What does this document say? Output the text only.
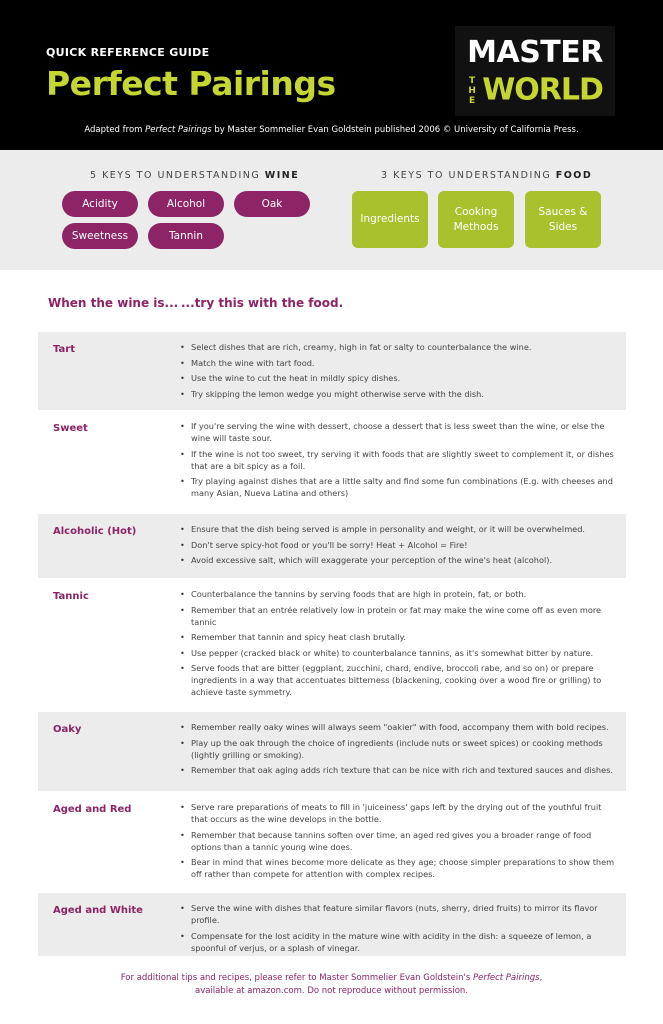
QUICK REFERENCE GUIDE
Perfect Pairings
MASTER
THE WORLD
Adapted from Perfect Pairings by Master Sommelier Evan Goldstein published 2006 © University of California Press.
5 KEYS TO UNDERSTANDING WINE	3 KEYS TO UNDERSTANDING FOOD
Acidity	Alcohol	Oak
Sweetness	Tannin
Ingredients
Cooking Methods
Sauces & Sides
When the wine is... ...try this with the food.
Tart	• Select dishes that are rich, creamy, high in fat or salty to counterbalance the wine.
• Match the wine with tart food.
• Use the wine to cut the heat in mildly spicy dishes.
• Try skipping the lemon wedge you might otherwise serve with the dish.
Sweet	• If you're serving the wine with dessert, choose a dessert that is less sweet than the wine, or else the wine will taste sour.
• If the wine is not too sweet, try serving it with foods that are slightly sweet to complement it, or dishes that are a bit spicy as a foil.
• Try playing against dishes that are a little salty and find some fun combinations (E.g. with cheeses and many Asian, Nueva Latina and others)
Alcoholic (Hot)	• Ensure that the dish being served is ample in personality and weight, or it will be overwhelmed.
• Don't serve spicy-hot food or you'll be sorry! Heat + Alcohol = Fire!
• Avoid excessive salt, which will exaggerate your perception of the wine's heat (alcohol).
Tannic	• Counterbalance the tannins by serving foods that are high in protein, fat, or both.
• Remember that an entrée relatively low in protein or fat may make the wine come off as even more tannic
• Remember that tannin and spicy heat clash brutally.
• Use pepper (cracked black or white) to counterbalance tannins, as it's somewhat bitter by nature.
• Serve foods that are bitter (eggplant, zucchini, chard, endive, broccoli rabe, and so on) or prepare ingredients in a way that accentuates bitterness (blackening, cooking over a wood fire or grilling) to achieve taste symmetry.
Oaky	• Remember really oaky wines will always seem "oakier" with food, accompany them with bold recipes.
• Play up the oak through the choice of ingredients (include nuts or sweet spices) or cooking methods (lightly grilling or smoking).
• Remember that oak aging adds rich texture that can be nice with rich and textured sauces and dishes.
Aged and Red	• Serve rare preparations of meats to fill in 'juiceiness' gaps left by the drying out of the youthful fruit that occurs as the wine develops in the bottle.
• Remember that because tannins soften over time, an aged red gives you a broader range of food options than a tannic young wine does.
• Bear in mind that wines become more delicate as they age; choose simpler preparations to show them off rather than compete for attention with complex recipes.
Aged and White	• Serve the wine with dishes that feature similar flavors (nuts, sherry, dried fruits) to mirror its flavor profile.
• Compensate for the lost acidity in the mature wine with acidity in the dish: a squeeze of lemon, a spoonful of verjus, or a splash of vinegar.
For additional tips and recipes, please refer to Master Sommelier Evan Goldstein's Perfect Pairings,
available at amazon.com. Do not reproduce without permission.
